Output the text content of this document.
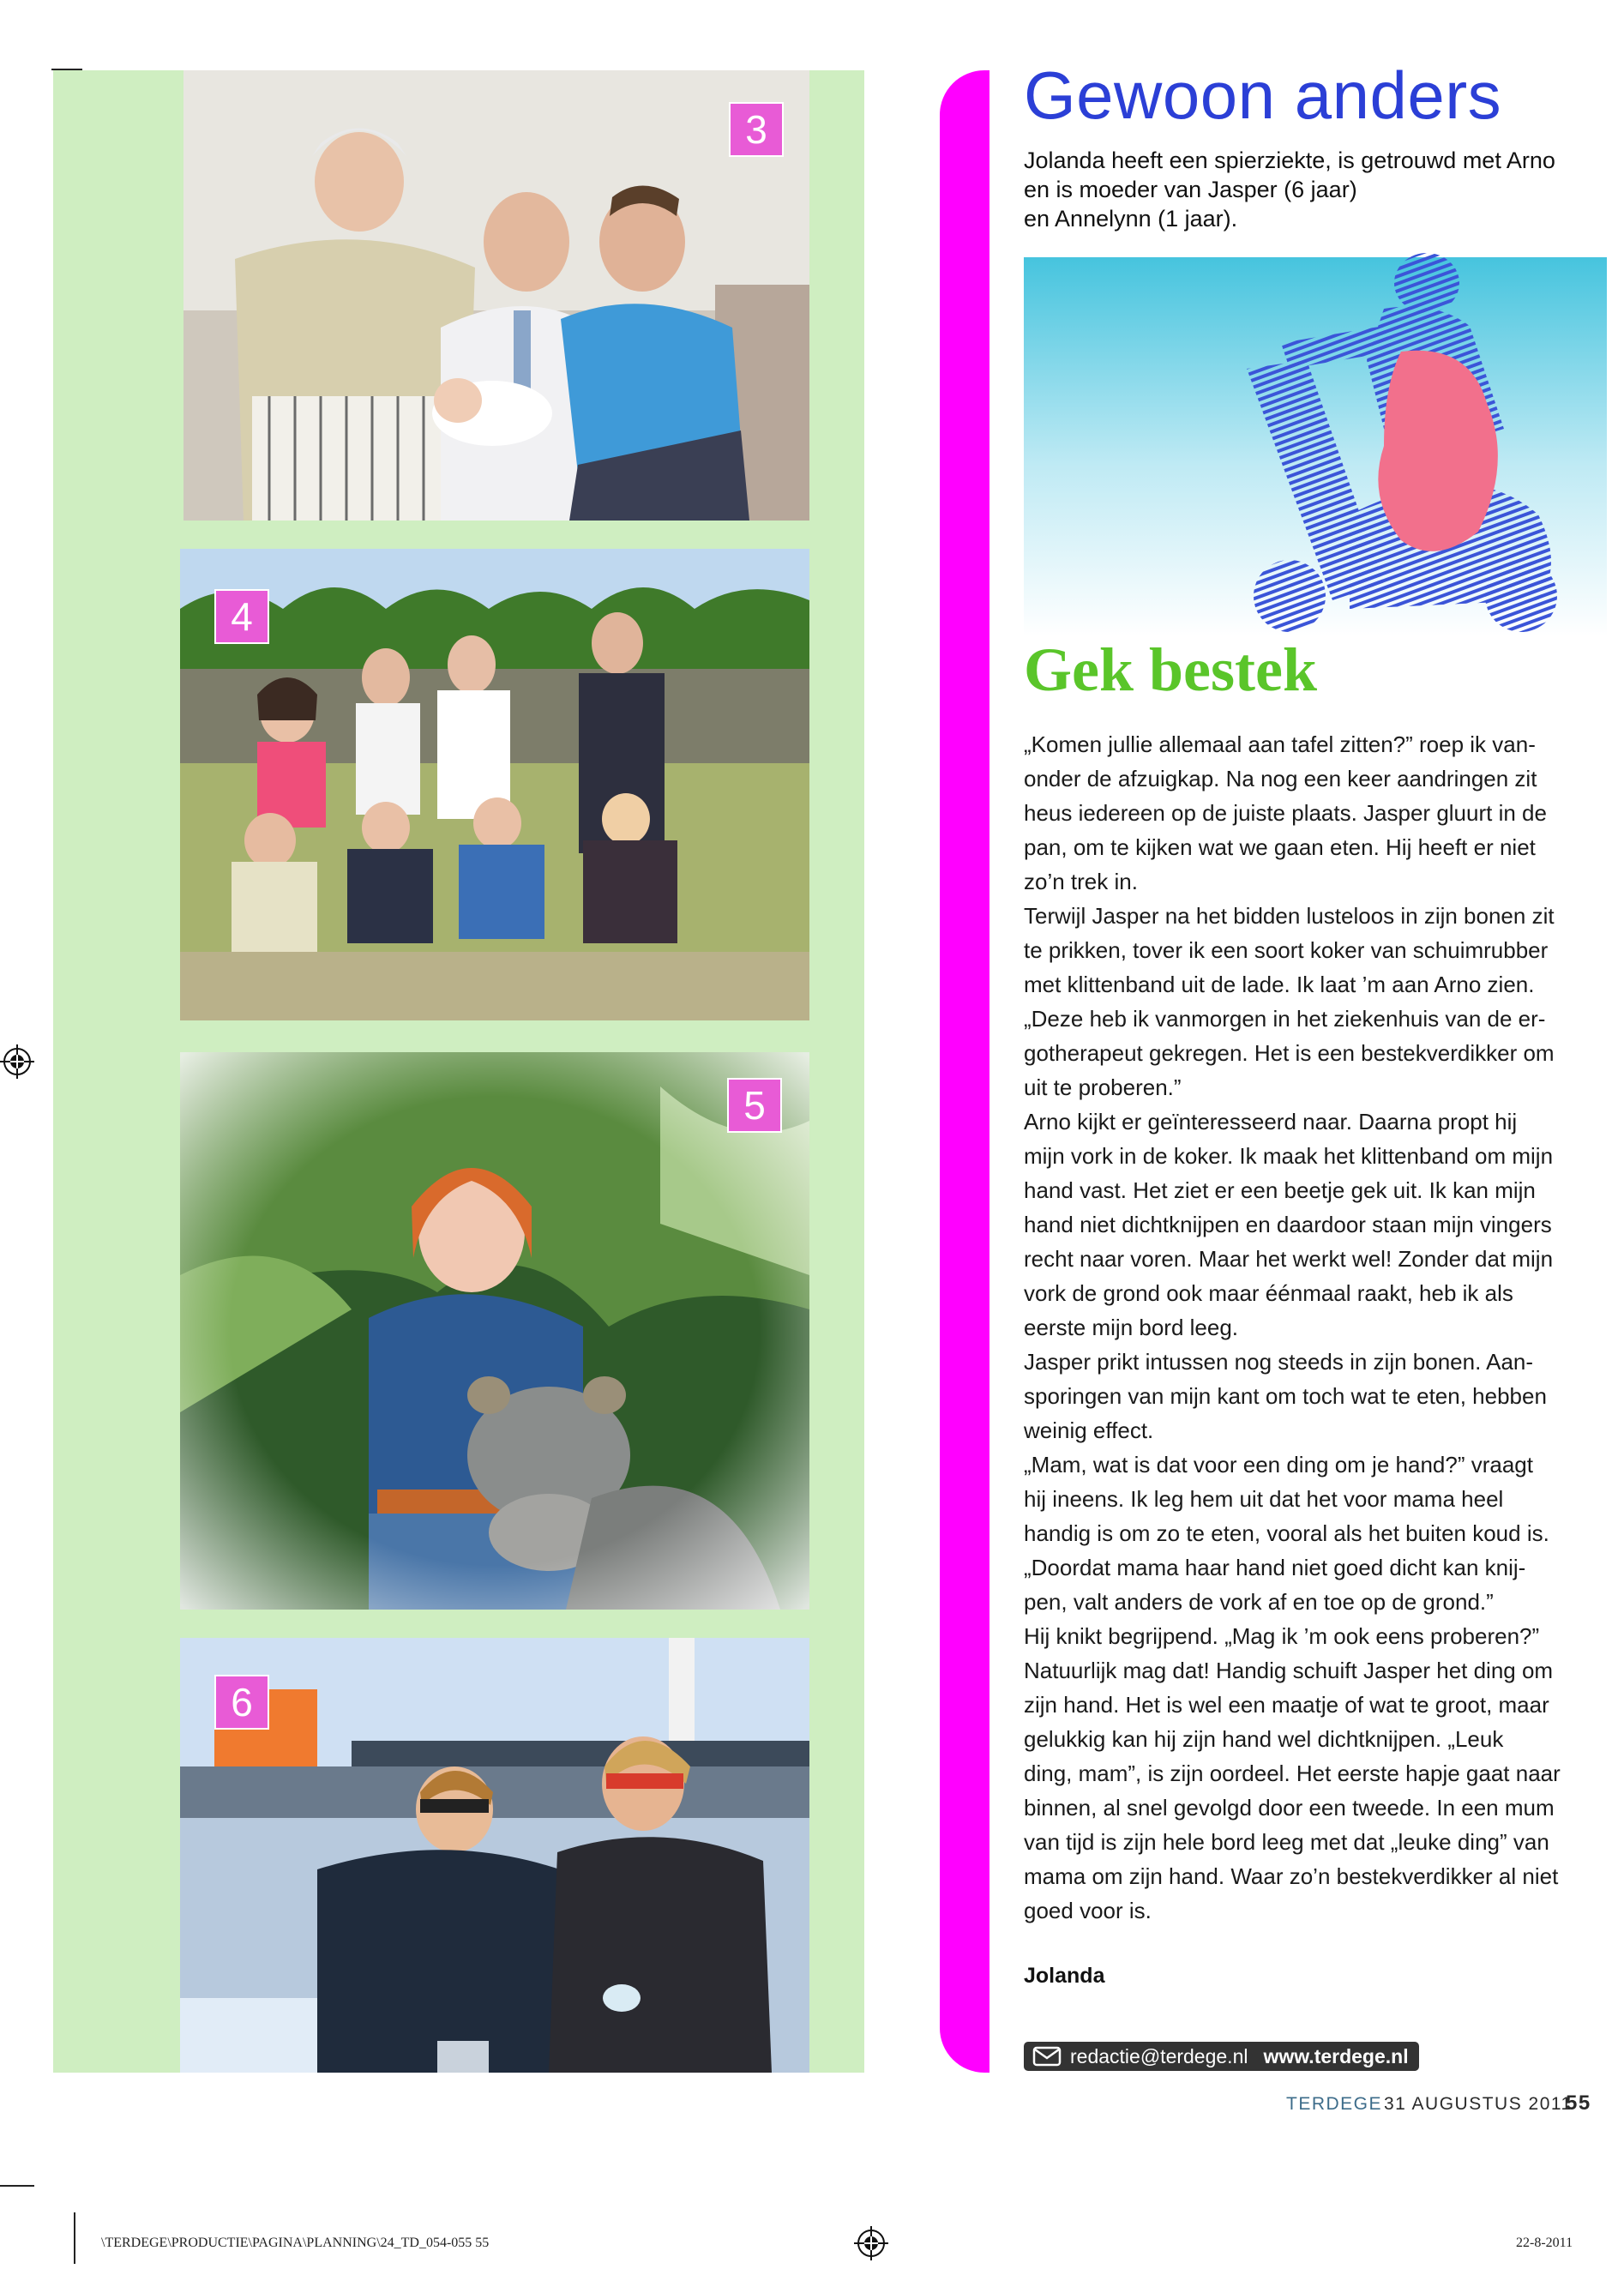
3
4
5
6
Gewoon anders
Jolanda heeft een spierziekte, is getrouwd met Arno
en is moeder van Jasper (6 jaar)
en Annelynn (1 jaar).
Gek bestek

„Komen jullie allemaal aan tafel zitten?” roep ik van-

onder de afzuigkap. Na nog een keer aandringen zit

heus iedereen op de juiste plaats. Jasper gluurt in de

pan, om te kijken wat we gaan eten. Hij heeft er niet

zo’n trek in.

Terwijl Jasper na het bidden lusteloos in zijn bonen zit

te prikken, tover ik een soort koker van schuimrubber

met klittenband uit de lade. Ik laat ’m aan Arno zien.

„Deze heb ik vanmorgen in het ziekenhuis van de er-

gotherapeut gekregen. Het is een bestekverdikker om

uit te proberen.”

Arno kijkt er geïnteresseerd naar. Daarna propt hij

mijn vork in de koker. Ik maak het klittenband om mijn

hand vast. Het ziet er een beetje gek uit. Ik kan mijn

hand niet dichtknijpen en daardoor staan mijn vingers

recht naar voren. Maar het werkt wel! Zonder dat mijn

vork de grond ook maar éénmaal raakt, heb ik als

eerste mijn bord leeg.

Jasper prikt intussen nog steeds in zijn bonen. Aan-

sporingen van mijn kant om toch wat te eten, hebben

weinig effect.

„Mam, wat is dat voor een ding om je hand?” vraagt

hij ineens. Ik leg hem uit dat het voor mama heel

handig is om zo te eten, vooral als het buiten koud is.

„Doordat mama haar hand niet goed dicht kan knij-

pen, valt anders de vork af en toe op de grond.”

Hij knikt begrijpend. „Mag ik ’m ook eens proberen?”

Natuurlijk mag dat! Handig schuift Jasper het ding om

zijn hand. Het is wel een maatje of wat te groot, maar

gelukkig kan hij zijn hand wel dichtknijpen. „Leuk

ding, mam”, is zijn oordeel. Het eerste hapje gaat naar

binnen, al snel gevolgd door een tweede. In een mum

van tijd is zijn hele bord leeg met dat „leuke ding” van

mama om zijn hand. Waar zo’n bestekverdikker al niet

goed voor is.

Jolanda
redactie@terdege.nl www.terdege.nl
TERDEGE 31 AUGUSTUS 2011
55
\TERDEGE\PRODUCTIE\PAGINA\PLANNING\24_TD_054-055 55	22-8-2011
